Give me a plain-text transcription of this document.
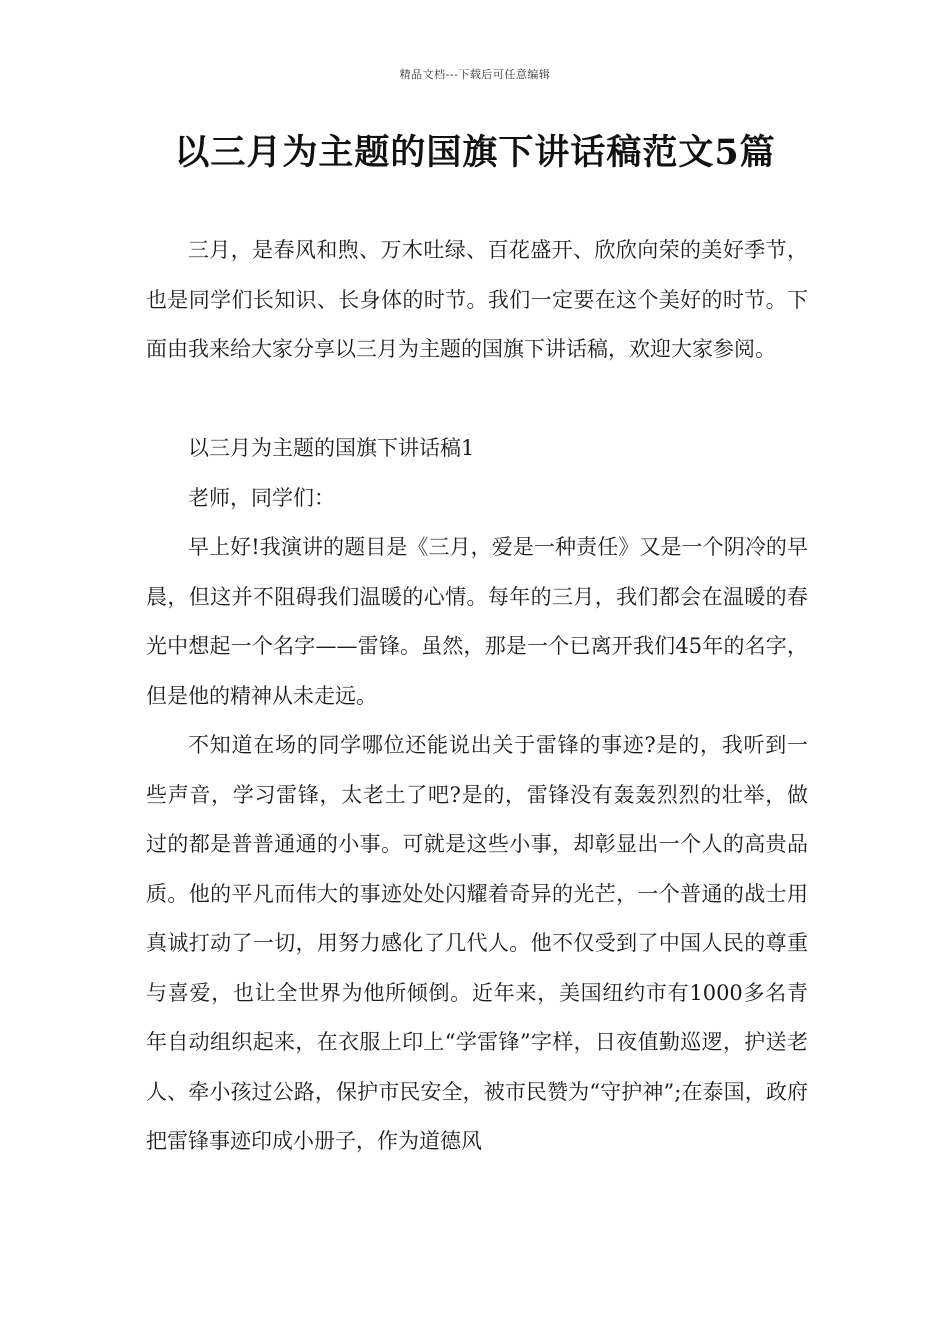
精品文档---下载后可任意编辑
以三月为主题的国旗下讲话稿范文5篇

三月，是春风和煦、万木吐绿、百花盛开、欣欣向荣的美好季节，也是同学们长知识、长身体的时节。我们一定要在这个美好的时节。下面由我来给大家分享以三月为主题的国旗下讲话稿，欢迎大家参阅。

以三月为主题的国旗下讲话稿1

老师，同学们：

早上好!我演讲的题目是《三月，爱是一种责任》又是一个阴冷的早晨，但这并不阻碍我们温暖的心情。每年的三月，我们都会在温暖的春光中想起一个名字——雷锋。虽然，那是一个已离开我们45年的名字，但是他的精神从未走远。

不知道在场的同学哪位还能说出关于雷锋的事迹?是的，我听到一些声音，学习雷锋，太老土了吧?是的，雷锋没有轰轰烈烈的壮举，做过的都是普普通通的小事。可就是这些小事，却彰显出一个人的高贵品质。他的平凡而伟大的事迹处处闪耀着奇异的光芒，一个普通的战士用真诚打动了一切，用努力感化了几代人。他不仅受到了中国人民的尊重与喜爱，也让全世界为他所倾倒。近年来，美国纽约市有1000多名青年自动组织起来，在衣服上印上“学雷锋”字样，日夜值勤巡逻，护送老人、牵小孩过公路，保护市民安全，被市民赞为“守护神”;在泰国，政府把雷锋事迹印成小册子，作为道德风
